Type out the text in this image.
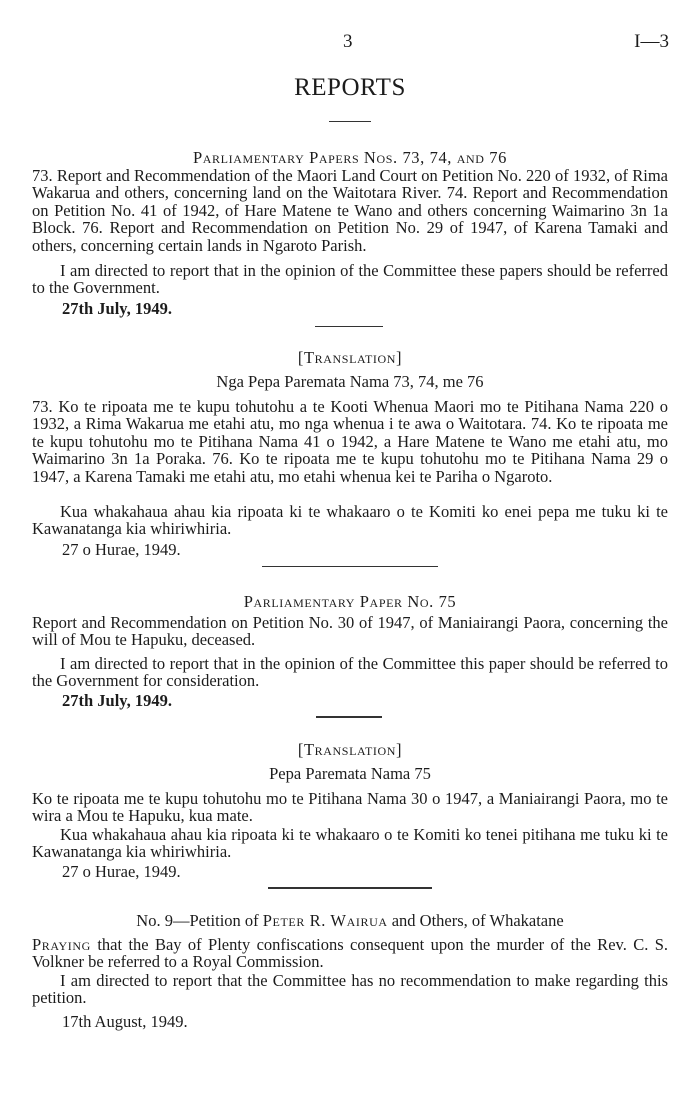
3	I—3
REPORTS
Parliamentary Papers Nos. 73, 74, and 76

73. Report and Recommendation of the Maori Land Court on Petition No. 220 of 1932, of Rima Wakarua and others, concerning land on the Waitotara River. 74. Report and Recommendation on Petition No. 41 of 1942, of Hare Matene te Wano and others concerning Waimarino 3n 1a Block. 76. Report and Recommendation on Petition No. 29 of 1947, of Karena Tamaki and others, concerning certain lands in Ngaroto Parish.

I am directed to report that in the opinion of the Committee these papers should be referred to the Government.

27th July, 1949.
[Translation]
Nga Pepa Paremata Nama 73, 74, me 76

73. Ko te ripoata me te kupu tohutohu a te Kooti Whenua Maori mo te Pitihana Nama 220 o 1932, a Rima Wakarua me etahi atu, mo nga whenua i te awa o Waitotara. 74. Ko te ripoata me te kupu tohutohu mo te Pitihana Nama 41 o 1942, a Hare Matene te Wano me etahi atu, mo Waimarino 3n 1a Poraka. 76. Ko te ripoata me te kupu tohutohu mo te Pitihana Nama 29 o 1947, a Karena Tamaki me etahi atu, mo etahi whenua kei te Pariha o Ngaroto.

Kua whakahaua ahau kia ripoata ki te whakaaro o te Komiti ko enei pepa me tuku ki te Kawanatanga kia whiriwhiria.

27 o Hurae, 1949.
Parliamentary Paper No. 75

Report and Recommendation on Petition No. 30 of 1947, of Maniairangi Paora, concerning the will of Mou te Hapuku, deceased.

I am directed to report that in the opinion of the Committee this paper should be referred to the Government for consideration.

27th July, 1949.
[Translation]
Pepa Paremata Nama 75

Ko te ripoata me te kupu tohutohu mo te Pitihana Nama 30 o 1947, a Maniairangi Paora, mo te wira a Mou te Hapuku, kua mate.

Kua whakahaua ahau kia ripoata ki te whakaaro o te Komiti ko tenei pitihana me tuku ki te Kawanatanga kia whiriwhiria.

27 o Hurae, 1949.
No. 9—Petition of Peter R. Wairua and Others, of Whakatane

Praying that the Bay of Plenty confiscations consequent upon the murder of the Rev. C. S. Volkner be referred to a Royal Commission.

I am directed to report that the Committee has no recommendation to make regarding this petition.

17th August, 1949.
